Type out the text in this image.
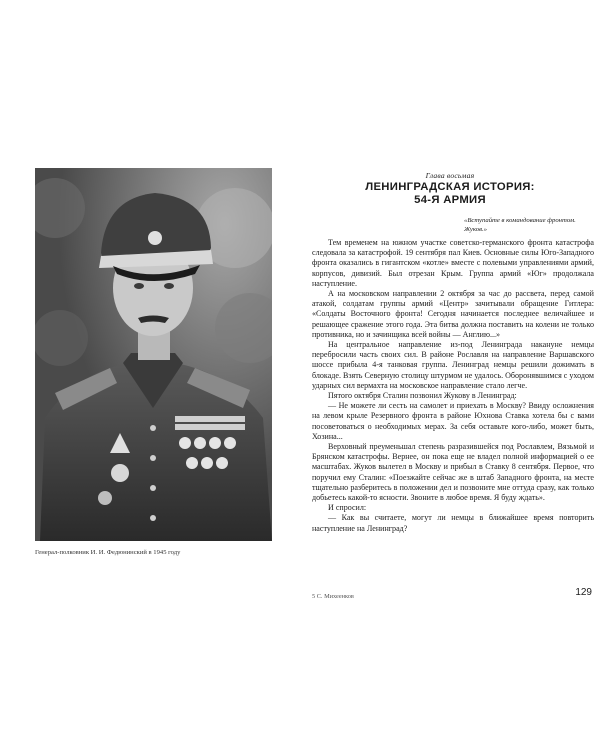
Генерал-полковник И. И. Федюнинский в 1945 году
Глава восьмая
ЛЕНИНГРАДСКАЯ ИСТОРИЯ:
54-Я АРМИЯ
«Вступайте в командование фронтом.
Жуков.»

Тем временем на южном участке советско-германского фронта катастрофа следовала за катастрофой. 19 сентября пал Киев. Основные силы Юго-Западного фронта оказались в гигантском «котле» вместе с полевыми управлениями армий, корпусов, дивизий. Был отрезан Крым. Группа армий «Юг» продолжала наступление.

А на московском направлении 2 октября за час до рассвета, перед самой атакой, солдатам группы армий «Центр» зачитывали обращение Гитлера: «Солдаты Восточного фронта! Сегодня начинается последнее величайшее и решающее сражение этого года. Эта битва должна поставить на колени не только противника, но и зачинщика всей войны — Англию...»

На центральное направление из-под Ленинграда накануне немцы перебросили часть своих сил. В районе Рославля на направление Варшавского шоссе прибыла 4-я танковая группа. Ленинград немцы решили дожимать в блокаде. Взять Северную столицу штурмом не удалось. Оборонявшимся с уходом ударных сил вермахта на московское направление стало легче.

Пятого октября Сталин позвонил Жукову в Ленинград:

— Не можете ли сесть на самолет и приехать в Москву? Ввиду осложнения на левом крыле Резервного фронта в районе Юхнова Ставка хотела бы с вами посоветоваться о необходимых мерах. За себя оставьте кого-либо, может быть, Хозина...

Верховный преуменьшал степень разразившейся под Рославлем, Вязьмой и Брянском катастрофы. Вернее, он пока еще не владел полной информацией о ее масштабах. Жуков вылетел в Москву и прибыл в Ставку 8 сентября. Первое, что поручил ему Сталин: «Поезжайте сейчас же в штаб Западного фронта, на месте тщательно разберитесь в положении дел и позвоните мне оттуда сразу, как только добьетесь какой-то ясности. Звоните в любое время. Я буду ждать».

И спросил:

— Как вы считаете, могут ли немцы в ближайшее время повторить наступление на Ленинград?

5 С. Михеенков	129
